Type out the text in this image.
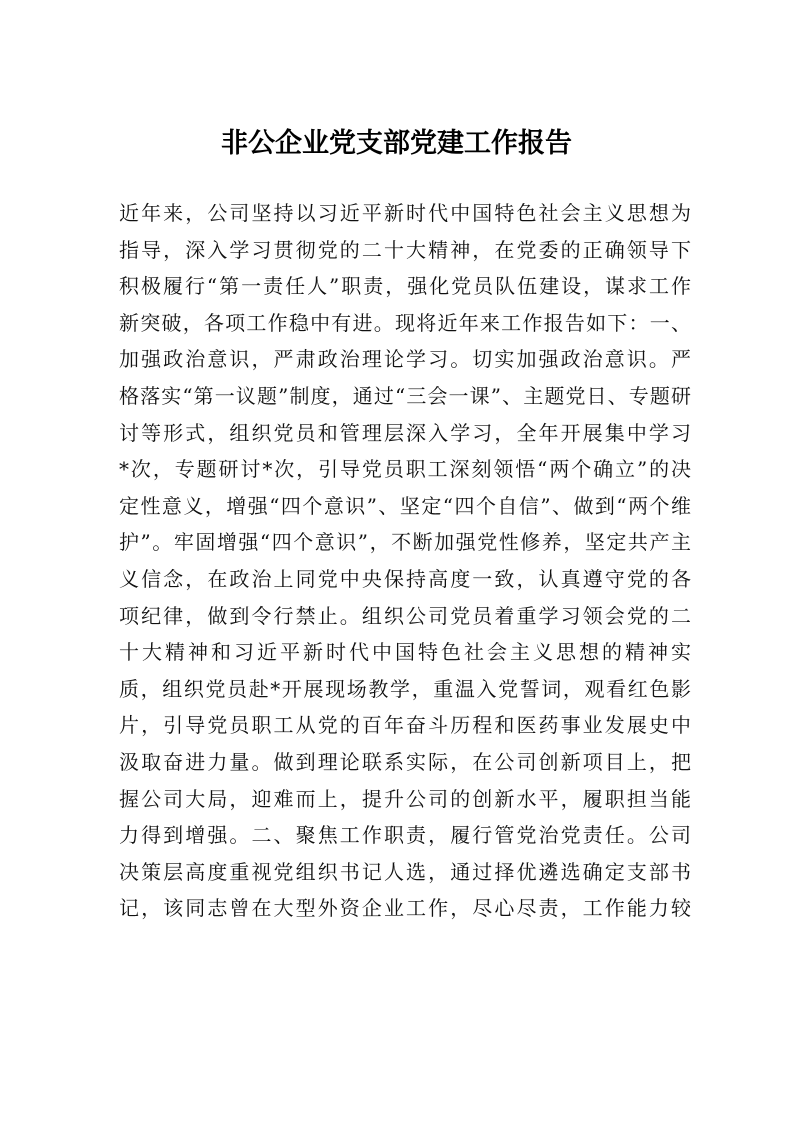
非公企业党支部党建工作报告
近年来，公司坚持以习近平新时代中国特色社会主义思想为
指导，深入学习贯彻党的二十大精神，在党委的正确领导下
积极履行“第一责任人”职责，强化党员队伍建设，谋求工作
新突破，各项工作稳中有进。现将近年来工作报告如下：一、
加强政治意识，严肃政治理论学习。切实加强政治意识。严
格落实“第一议题”制度，通过“三会一课”、主题党日、专题研
讨等形式，组织党员和管理层深入学习，全年开展集中学习
*次，专题研讨*次，引导党员职工深刻领悟“两个确立”的决
定性意义，增强“四个意识”、坚定“四个自信”、做到“两个维
护”。牢固增强“四个意识”，不断加强党性修养，坚定共产主
义信念，在政治上同党中央保持高度一致，认真遵守党的各
项纪律，做到令行禁止。组织公司党员着重学习领会党的二
十大精神和习近平新时代中国特色社会主义思想的精神实
质，组织党员赴*开展现场教学，重温入党誓词，观看红色影
片，引导党员职工从党的百年奋斗历程和医药事业发展史中
汲取奋进力量。做到理论联系实际，在公司创新项目上，把
握公司大局，迎难而上，提升公司的创新水平，履职担当能
力得到增强。二、聚焦工作职责，履行管党治党责任。公司
决策层高度重视党组织书记人选，通过择优遴选确定支部书
记，该同志曾在大型外资企业工作，尽心尽责，工作能力较
